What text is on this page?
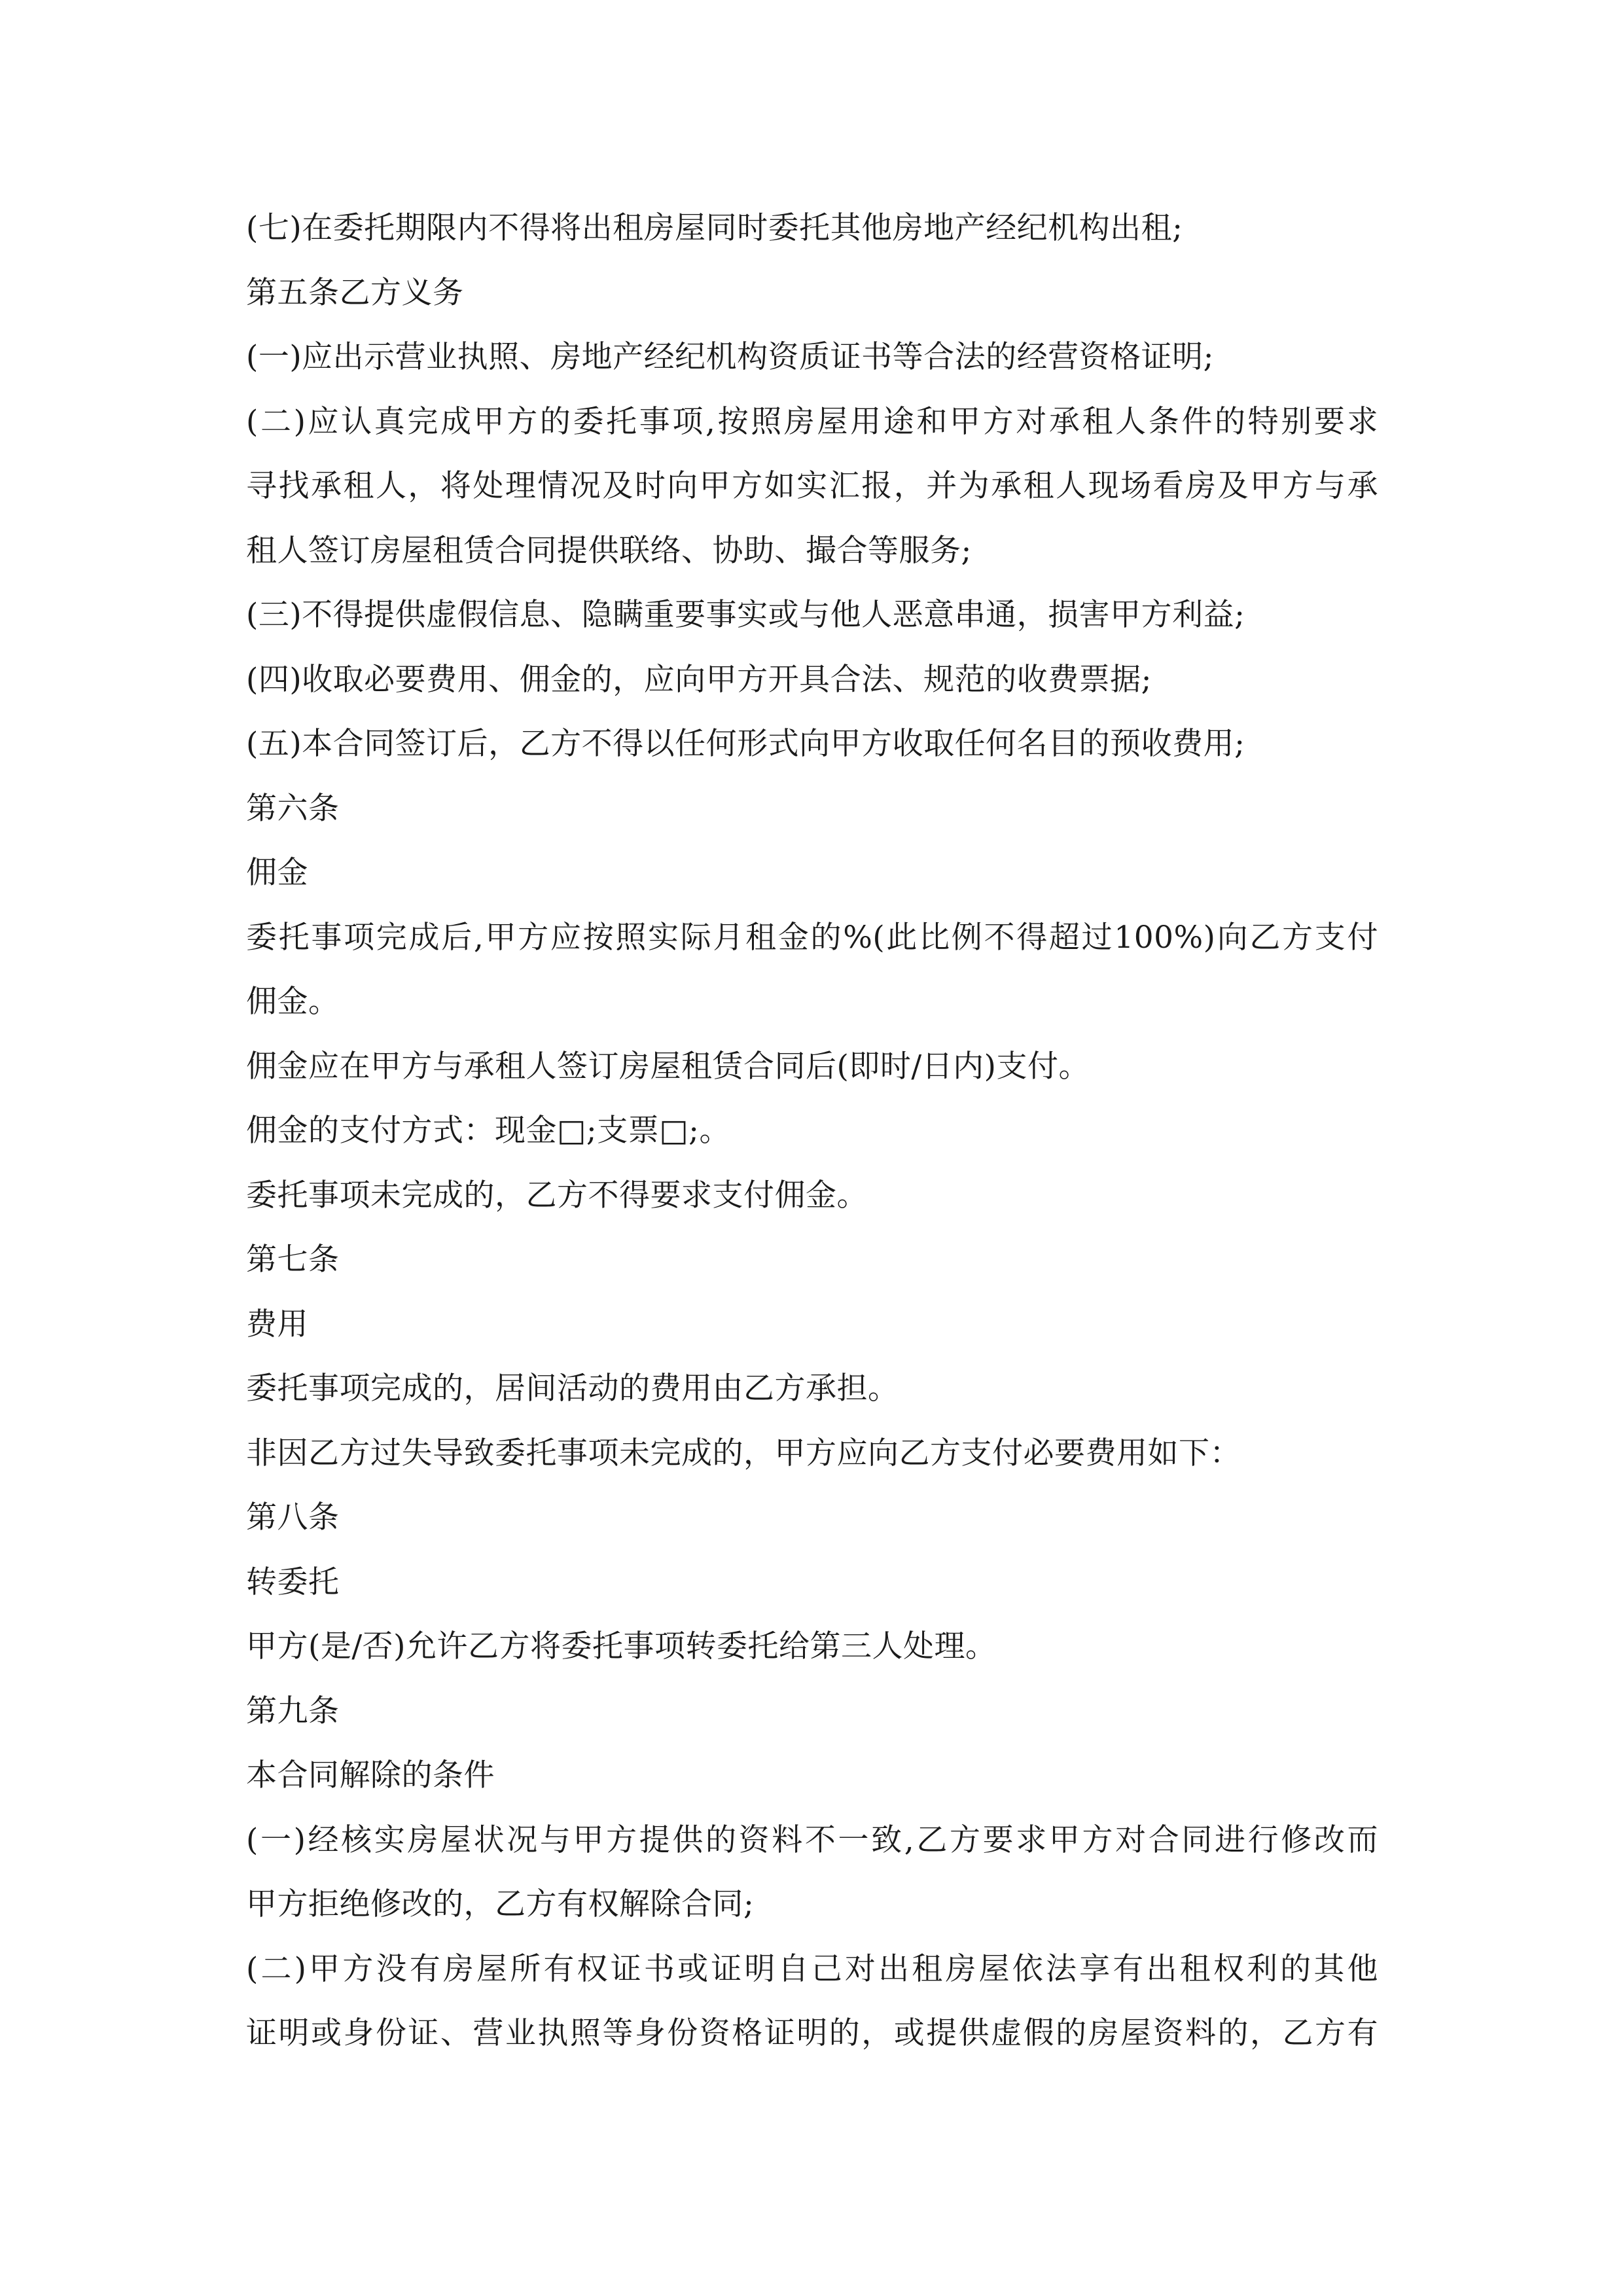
(七)在委托期限内不得将出租房屋同时委托其他房地产经纪机构出租;
第五条乙方义务
(一)应出示营业执照、房地产经纪机构资质证书等合法的经营资格证明;
(二)应认真完成甲方的委托事项,按照房屋用途和甲方对承租人条件的特别要求
寻找承租人，将处理情况及时向甲方如实汇报，并为承租人现场看房及甲方与承
租人签订房屋租赁合同提供联络、协助、撮合等服务;
(三)不得提供虚假信息、隐瞒重要事实或与他人恶意串通，损害甲方利益;
(四)收取必要费用、佣金的，应向甲方开具合法、规范的收费票据;
(五)本合同签订后，乙方不得以任何形式向甲方收取任何名目的预收费用;
第六条
佣金
委托事项完成后,甲方应按照实际月租金的%(此比例不得超过100%)向乙方支付
佣金。
佣金应在甲方与承租人签订房屋租赁合同后(即时/日内)支付。
佣金的支付方式：现金□;支票□;。
委托事项未完成的，乙方不得要求支付佣金。
第七条
费用
委托事项完成的，居间活动的费用由乙方承担。
非因乙方过失导致委托事项未完成的，甲方应向乙方支付必要费用如下：
第八条
转委托
甲方(是/否)允许乙方将委托事项转委托给第三人处理。
第九条
本合同解除的条件
(一)经核实房屋状况与甲方提供的资料不一致,乙方要求甲方对合同进行修改而
甲方拒绝修改的，乙方有权解除合同;
(二)甲方没有房屋所有权证书或证明自己对出租房屋依法享有出租权利的其他
证明或身份证、营业执照等身份资格证明的，或提供虚假的房屋资料的，乙方有
